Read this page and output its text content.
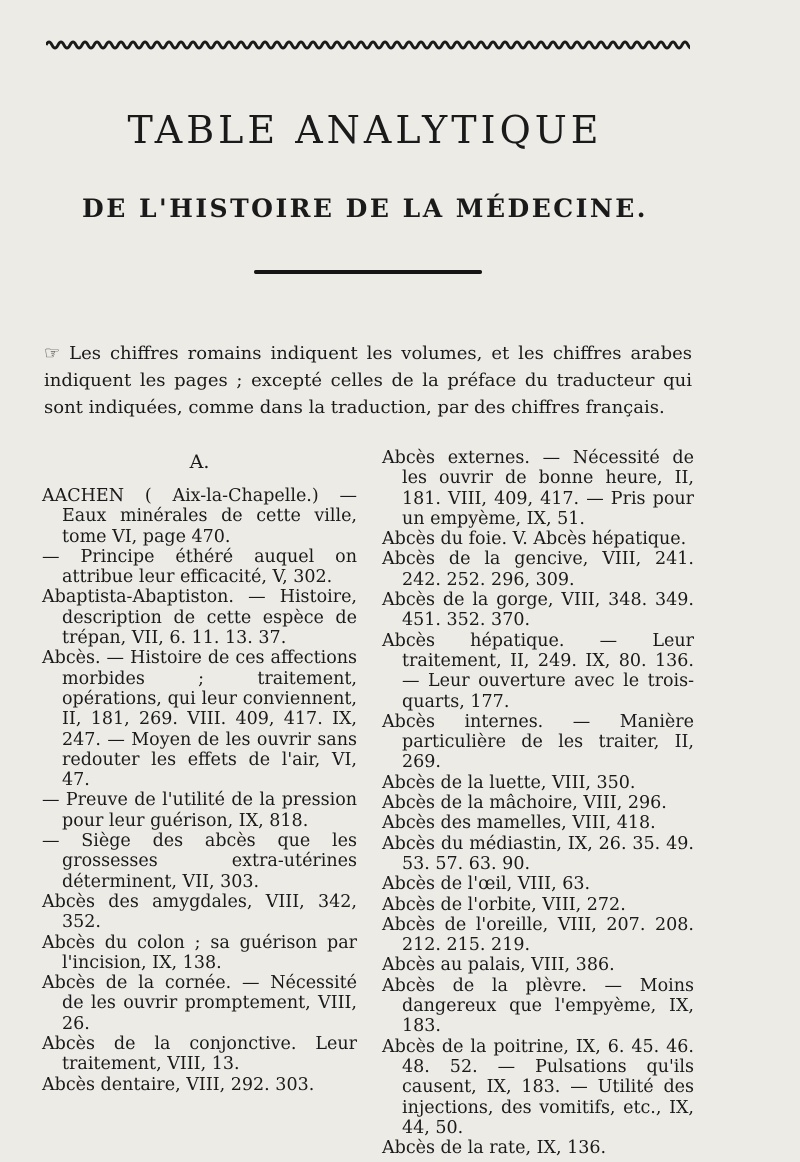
TABLE ANALYTIQUE
DE L'HISTOIRE DE LA MÉDECINE.

☞ Les chiffres romains indiquent les volumes, et les chiffres arabes indiquent les pages ; excepté celles de la préface du traducteur qui sont indiquées, comme dans la traduction, par des chiffres français.

A.

AACHEN ( Aix-la-Chapelle.) — Eaux minérales de cette ville, tome VI, page 470.

— Principe éthéré auquel on attribue leur efficacité, V, 302.

Abaptista-Abaptiston. — Histoire, description de cette espèce de trépan, VII, 6. 11. 13. 37.

Abcès. — Histoire de ces affections morbides ; traitement, opérations, qui leur conviennent, II, 181, 269. VIII. 409, 417. IX, 247. — Moyen de les ouvrir sans redouter les effets de l'air, VI, 47.

— Preuve de l'utilité de la pression pour leur guérison, IX, 818.

— Siège des abcès que les grossesses extra-utérines déterminent, VII, 303.

Abcès des amygdales, VIII, 342, 352.

Abcès du colon ; sa guérison par l'incision, IX, 138.

Abcès de la cornée. — Nécessité de les ouvrir promptement, VIII, 26.

Abcès de la conjonctive. Leur traitement, VIII, 13.

Abcès dentaire, VIII, 292. 303.

Abcès externes. — Nécessité de les ouvrir de bonne heure, II, 181. VIII, 409, 417. — Pris pour un empyème, IX, 51.

Abcès du foie. V. Abcès hépatique.

Abcès de la gencive, VIII, 241. 242. 252. 296, 309.

Abcès de la gorge, VIII, 348. 349. 451. 352. 370.

Abcès hépatique. — Leur traitement, II, 249. IX, 80. 136. — Leur ouverture avec le trois-quarts, 177.

Abcès internes. — Manière particulière de les traiter, II, 269.

Abcès de la luette, VIII, 350.

Abcès de la mâchoire, VIII, 296.

Abcès des mamelles, VIII, 418.

Abcès du médiastin, IX, 26. 35. 49. 53. 57. 63. 90.

Abcès de l'œil, VIII, 63.

Abcès de l'orbite, VIII, 272.

Abcès de l'oreille, VIII, 207. 208. 212. 215. 219.

Abcès au palais, VIII, 386.

Abcès de la plèvre. — Moins dangereux que l'empyème, IX, 183.

Abcès de la poitrine, IX, 6. 45. 46. 48. 52. — Pulsations qu'ils causent, IX, 183. — Utilité des injections, des vomitifs, etc., IX, 44, 50.

Abcès de la rate, IX, 136.
